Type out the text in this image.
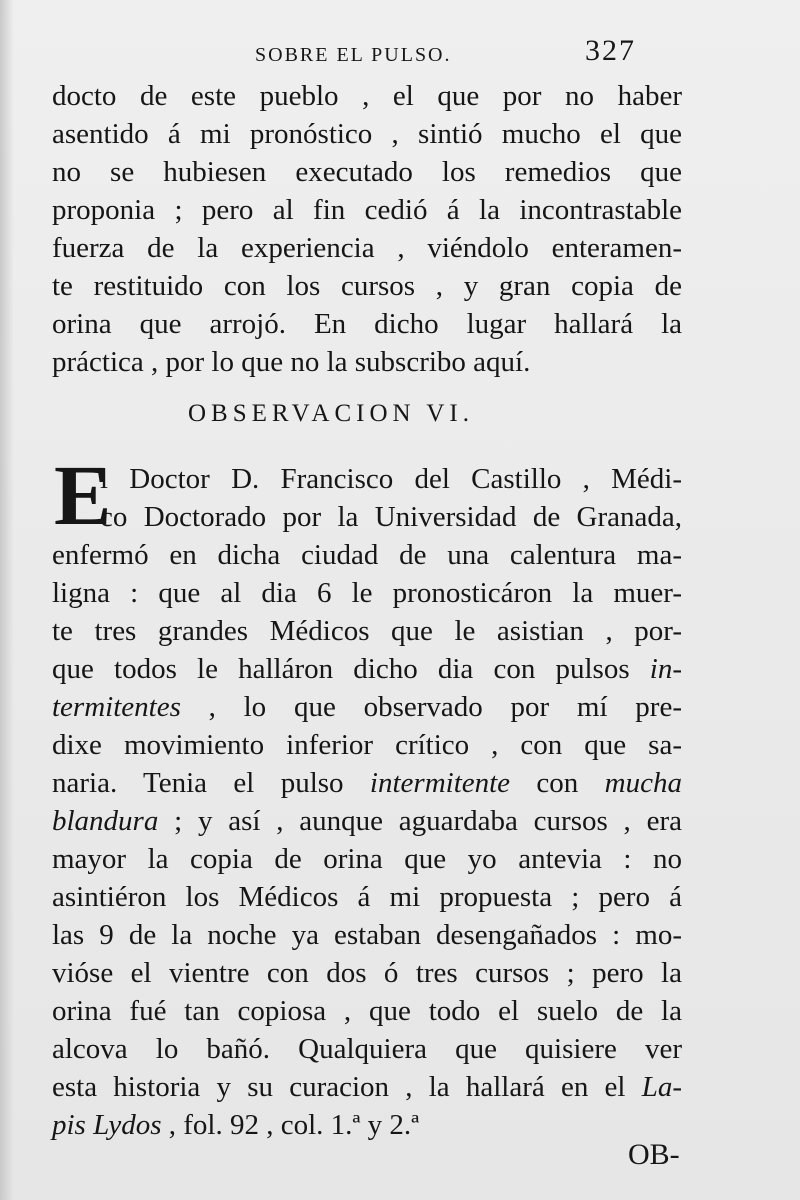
SOBRE EL PULSO.	327
docto de este pueblo , el que por no haber
asentido á mi pronóstico , sintió mucho el que
no se hubiesen executado los remedios que
proponia ; pero al fin cedió á la incontrastable
fuerza de la experiencia , viéndolo enteramen-
te restituido con los cursos , y gran copia de
orina que arrojó. En dicho lugar hallará la
práctica , por lo que no la subscribo aquí.
OBSERVACION VI.
E
l Doctor D. Francisco del Castillo , Médi-
co Doctorado por la Universidad de Granada,
enfermó en dicha ciudad de una calentura ma-
ligna : que al dia 6 le pronosticáron la muer-
te tres grandes Médicos que le asistian , por-
que todos le halláron dicho dia con pulsos in-
termitentes , lo que observado por mí pre-
dixe movimiento inferior crítico , con que sa-
naria. Tenia el pulso intermitente con mucha
blandura ; y así , aunque aguardaba cursos , era
mayor la copia de orina que yo antevia : no
asintiéron los Médicos á mi propuesta ; pero á
las 9 de la noche ya estaban desengañados : mo-
vióse el vientre con dos ó tres cursos ; pero la
orina fué tan copiosa , que todo el suelo de la
alcova lo bañó. Qualquiera que quisiere ver
esta historia y su curacion , la hallará en el La-
pis Lydos , fol. 92 , col. 1.ª y 2.ª
OB-
